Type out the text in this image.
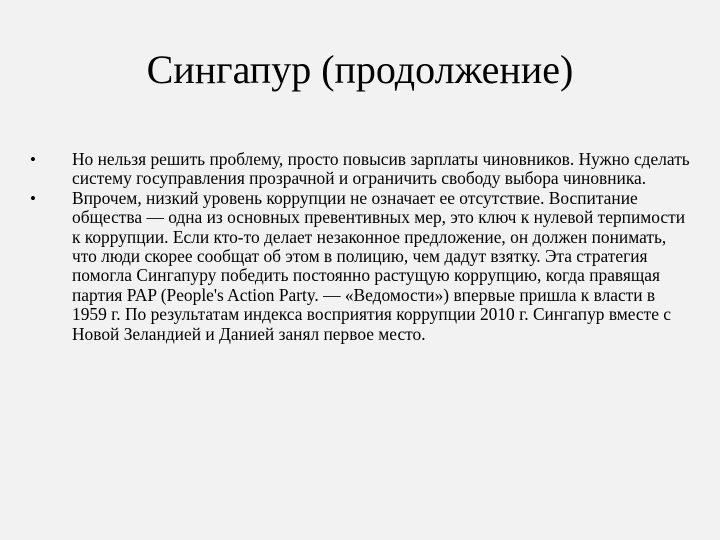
Сингапур (продолжение)
•	Но нельзя решить проблему, просто повысив зарплаты чиновников. Нужно сделать систему госуправления прозрачной и ограничить свободу выбора чиновника.
•	Впрочем, низкий уровень коррупции не означает ее отсутствие. Воспитание общества — одна из основных превентивных мер, это ключ к нулевой терпимости к коррупции. Если кто-то делает незаконное предложение, он должен понимать, что люди скорее сообщат об этом в полицию, чем дадут взятку. Эта стратегия помогла Сингапуру победить постоянно растущую коррупцию, когда правящая партия PAP (People's Action Party. — «Ведомости») впервые пришла к власти в 1959 г. По результатам индекса восприятия коррупции 2010 г. Сингапур вместе с Новой Зеландией и Данией занял первое место.
